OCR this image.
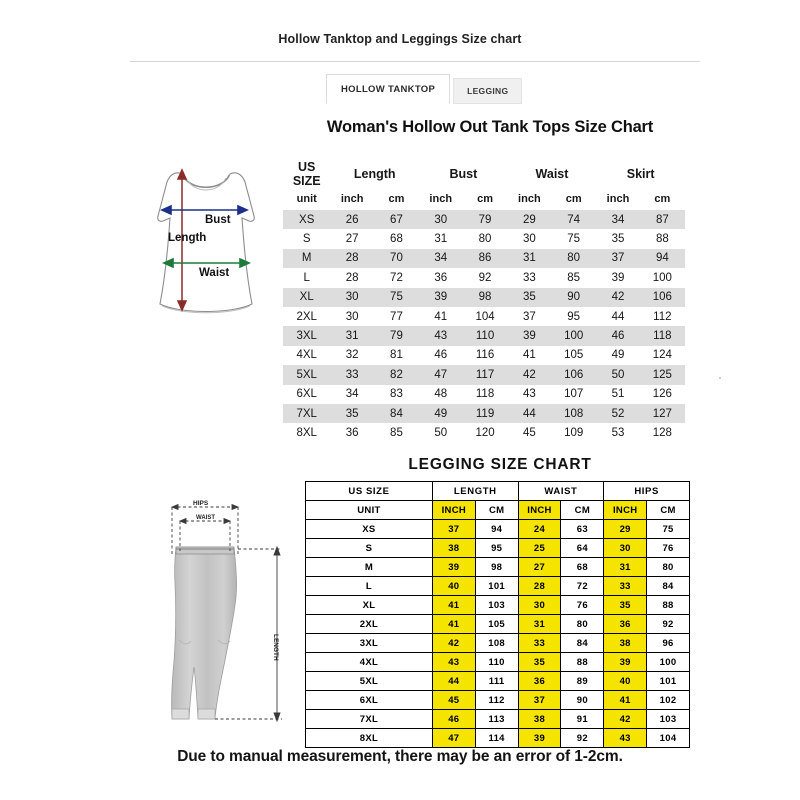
Hollow Tanktop and Leggings Size chart
HOLLOW TANKTOP	LEGGING
Bust
Length
Waist
Woman's Hollow Out Tank Tops Size Chart
US SIZE	Length		Bust		Waist		Skirt	
unit	inch	cm	inch	cm	inch	cm	inch	cm
XS	26	67	30	79	29	74	34	87
S	27	68	31	80	30	75	35	88
M	28	70	34	86	31	80	37	94
L	28	72	36	92	33	85	39	100
XL	30	75	39	98	35	90	42	106
2XL	30	77	41	104	37	95	44	112
3XL	31	79	43	110	39	100	46	118
4XL	32	81	46	116	41	105	49	124
5XL	33	82	47	117	42	106	50	125
6XL	34	83	48	118	43	107	51	126
7XL	35	84	49	119	44	108	52	127
8XL	36	85	50	120	45	109	53	128
HIPS
WAIST
LENGTH
LEGGING SIZE CHART
US SIZE	LENGTH		WAIST		HIPS	
UNIT	INCH	CM	INCH	CM	INCH	CM
XS	37	94	24	63	29	75
S	38	95	25	64	30	76
M	39	98	27	68	31	80
L	40	101	28	72	33	84
XL	41	103	30	76	35	88
2XL	41	105	31	80	36	92
3XL	42	108	33	84	38	96
4XL	43	110	35	88	39	100
5XL	44	111	36	89	40	101
6XL	45	112	37	90	41	102
7XL	46	113	38	91	42	103
8XL	47	114	39	92	43	104
Due to manual measurement, there may be an error of 1-2cm.
